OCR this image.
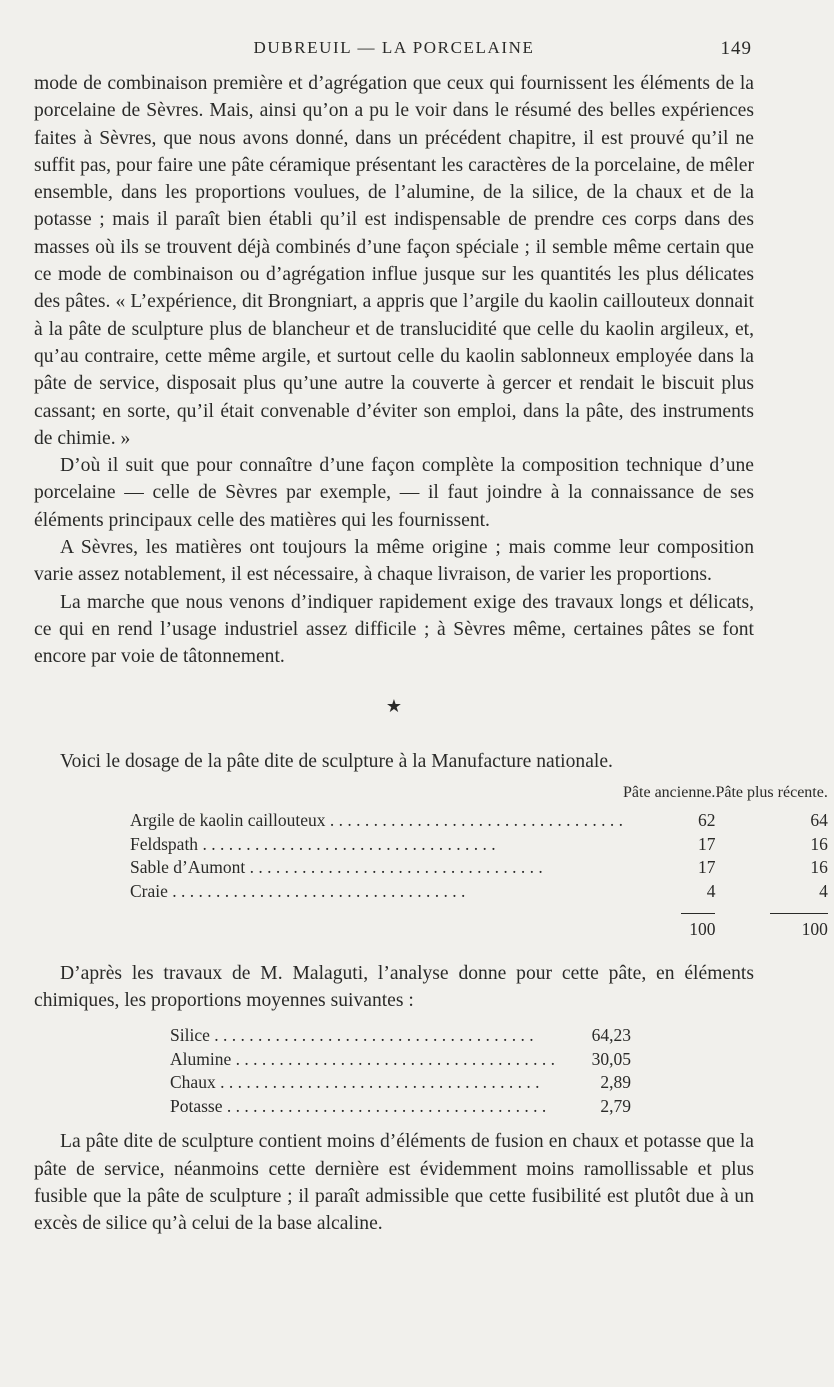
DUBREUIL — LA PORCELAINE	149

mode de combinaison première et d’agrégation que ceux qui fournissent les éléments de la porcelaine de Sèvres. Mais, ainsi qu’on a pu le voir dans le résumé des belles expériences faites à Sèvres, que nous avons donné, dans un précédent chapitre, il est prouvé qu’il ne suffit pas, pour faire une pâte céramique présentant les caractères de la porcelaine, de mêler ensemble, dans les proportions voulues, de l’alumine, de la silice, de la chaux et de la potasse ; mais il paraît bien établi qu’il est indispensable de prendre ces corps dans des masses où ils se trouvent déjà combinés d’une façon spéciale ; il semble même certain que ce mode de combinaison ou d’agrégation influe jusque sur les quantités les plus délicates des pâtes. « L’expérience, dit Brongniart, a appris que l’argile du kaolin caillouteux donnait à la pâte de sculpture plus de blancheur et de translucidité que celle du kaolin argileux, et, qu’au contraire, cette même argile, et surtout celle du kaolin sablonneux employée dans la pâte de service, disposait plus qu’une autre la couverte à gercer et rendait le biscuit plus cassant; en sorte, qu’il était convenable d’éviter son emploi, dans la pâte, des instruments de chimie. »

D’où il suit que pour connaître d’une façon complète la composition technique d’une porcelaine — celle de Sèvres par exemple, — il faut joindre à la connaissance de ses éléments principaux celle des matières qui les fournissent.

A Sèvres, les matières ont toujours la même origine ; mais comme leur composition varie assez notablement, il est nécessaire, à chaque livraison, de varier les proportions.

La marche que nous venons d’indiquer rapidement exige des travaux longs et délicats, ce qui en rend l’usage industriel assez difficile ; à Sèvres même, certaines pâtes se font encore par voie de tâtonnement.

★

Voici le dosage de la pâte dite de sculpture à la Manufacture nationale.

	Pâte ancienne.	Pâte plus récente.
Argile de kaolin caillouteux . . .	62	64
Feldspath . . .	17	16
Sable d’Aumont . . .	17	16
Craie . . .	4	4
	100	100

D’après les travaux de M. Malaguti, l’analyse donne pour cette pâte, en éléments chimiques, les proportions moyennes suivantes :

Silice . . .	64,23
Alumine . . .	30,05
Chaux . . .	2,89
Potasse . . .	2,79

La pâte dite de sculpture contient moins d’éléments de fusion en chaux et potasse que la pâte de service, néanmoins cette dernière est évidemment moins ramollissable et plus fusible que la pâte de sculpture ; il paraît admissible que cette fusibilité est plutôt due à un excès de silice qu’à celui de la base alcaline.
